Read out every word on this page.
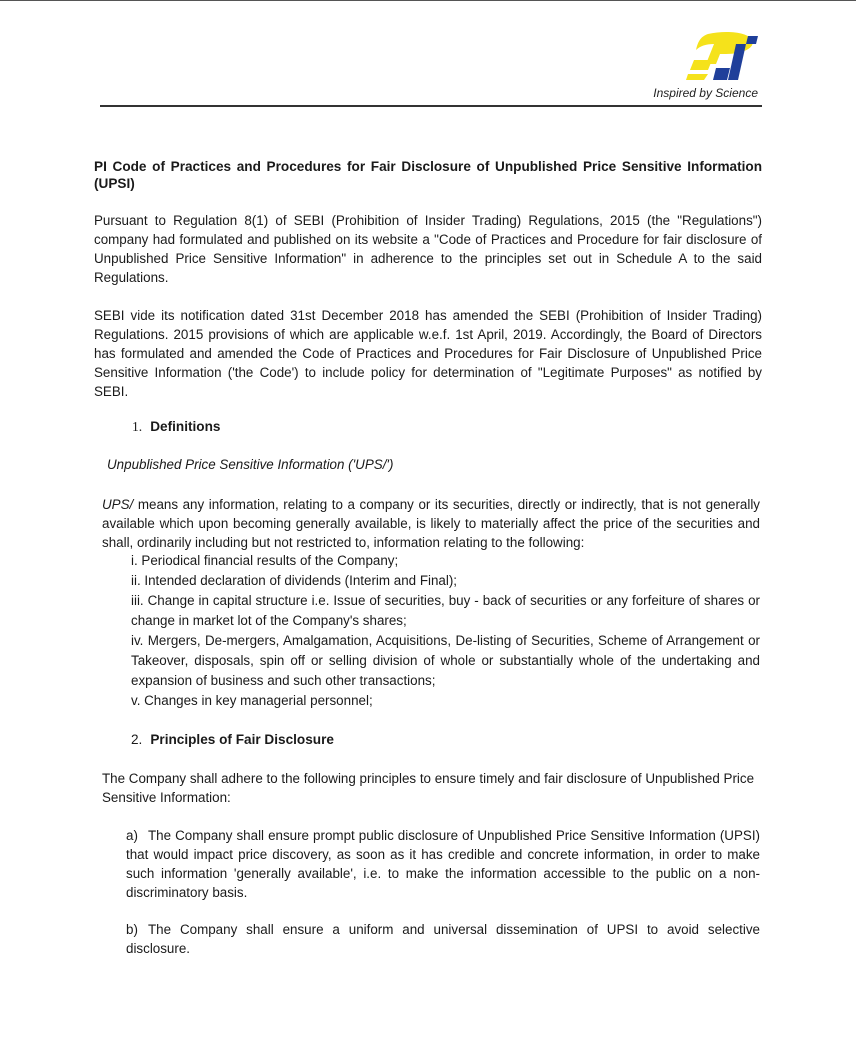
Inspired by Science

PI Code of Practices and Procedures for Fair Disclosure of Unpublished Price Sensitive Information (UPSI)

Pursuant to Regulation 8(1) of SEBI (Prohibition of Insider Trading) Regulations, 2015 (the "Regulations") company had formulated and published on its website a "Code of Practices and Procedure for fair disclosure of Unpublished Price Sensitive Information" in adherence to the principles set out in Schedule A to the said Regulations.

SEBI vide its notification dated 31st December 2018 has amended the SEBI (Prohibition of Insider Trading) Regulations. 2015 provisions of which are applicable w.e.f. 1st April, 2019. Accordingly, the Board of Directors has formulated and amended the Code of Practices and Procedures for Fair Disclosure of Unpublished Price Sensitive Information ('the Code') to include policy for determination of "Legitimate Purposes" as notified by SEBI.

1. Definitions
Unpublished Price Sensitive Information ('UPS/')

UPS/ means any information, relating to a company or its securities, directly or indirectly, that is not generally available which upon becoming generally available, is likely to materially affect the price of the securities and shall, ordinarily including but not restricted to, information relating to the following:

i. Periodical financial results of the Company;
ii. Intended declaration of dividends (Interim and Final);
iii. Change in capital structure i.e. Issue of securities, buy - back of securities or any forfeiture of shares or change in market lot of the Company's shares;
iv. Mergers, De-mergers, Amalgamation, Acquisitions, De-listing of Securities, Scheme of Arrangement or Takeover, disposals, spin off or selling division of whole or substantially whole of the undertaking and expansion of business and such other transactions;
v. Changes in key managerial personnel;
2. Principles of Fair Disclosure

The Company shall adhere to the following principles to ensure timely and fair disclosure of Unpublished Price Sensitive Information:

a) The Company shall ensure prompt public disclosure of Unpublished Price Sensitive Information (UPSI) that would impact price discovery, as soon as it has credible and concrete information, in order to make such information 'generally available', i.e. to make the information accessible to the public on a non-discriminatory basis.

b) The Company shall ensure a uniform and universal dissemination of UPSI to avoid selective disclosure.
